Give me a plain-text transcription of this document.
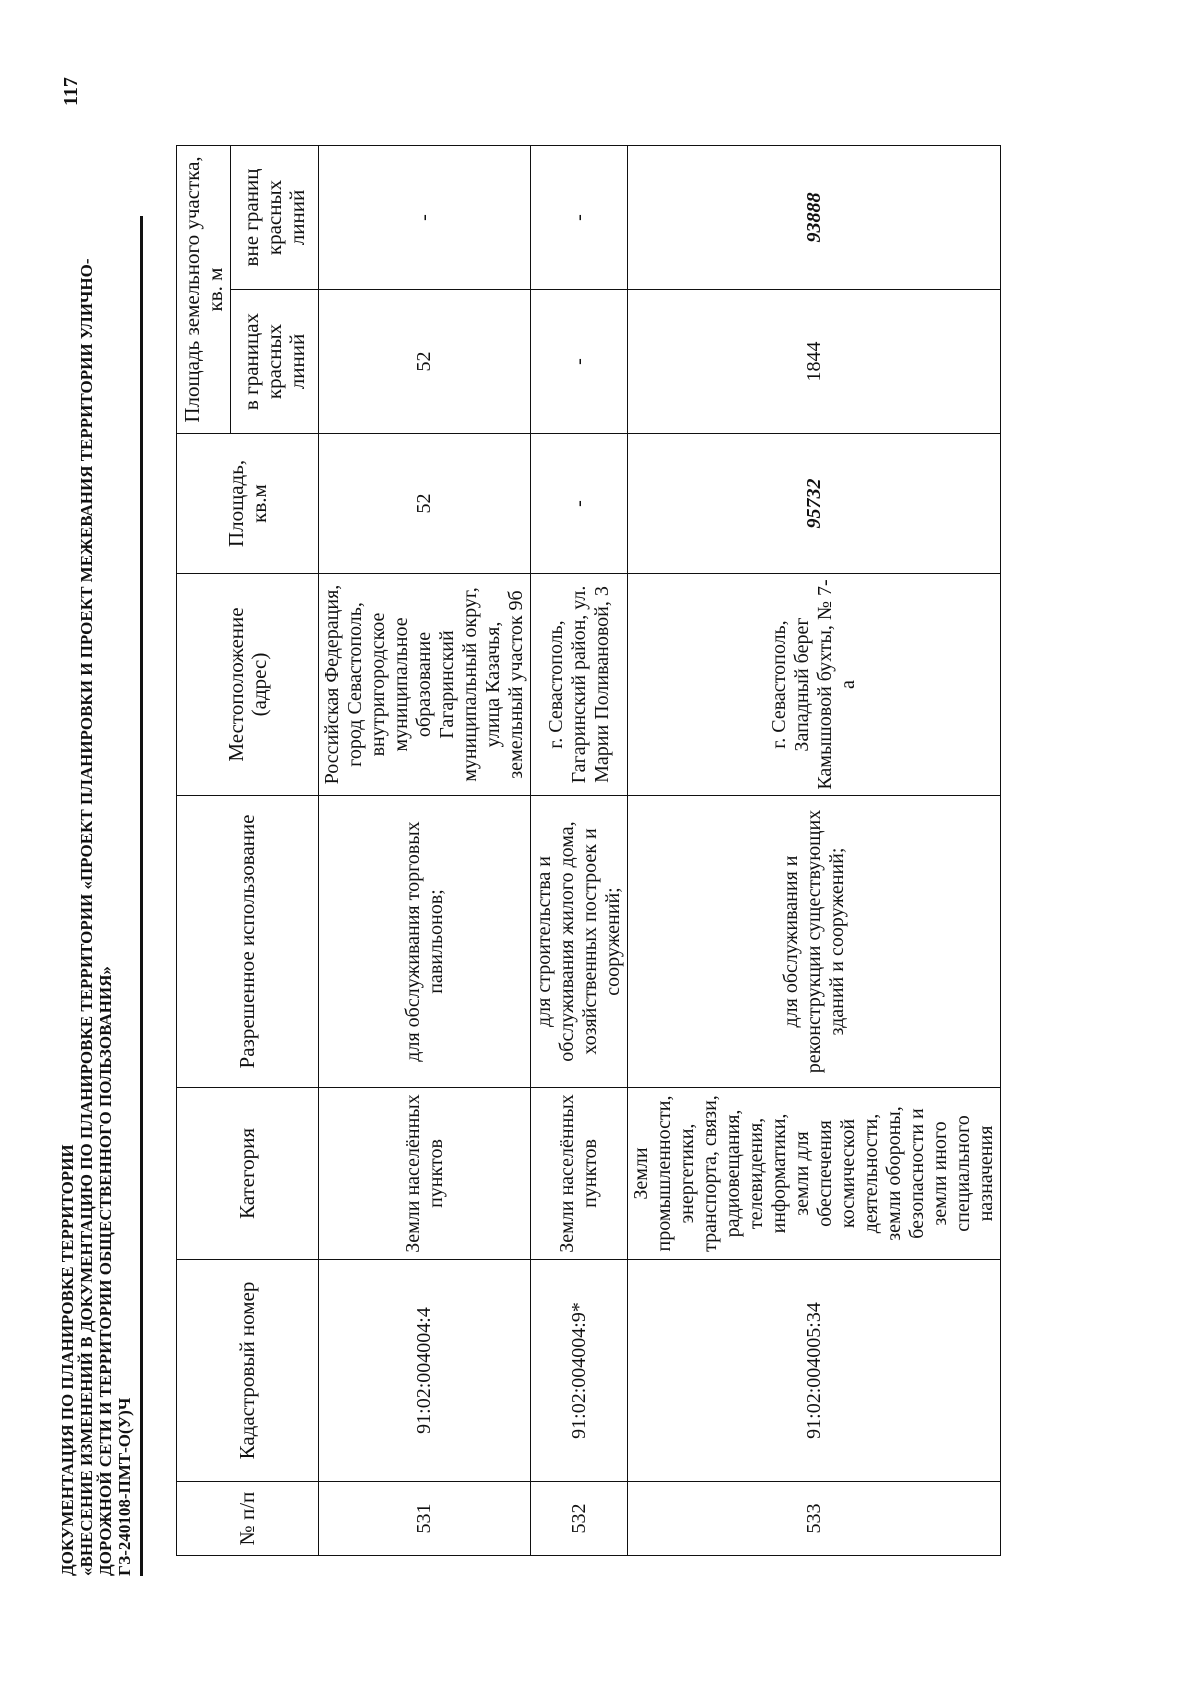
ДОКУМЕНТАЦИЯ ПО ПЛАНИРОВКЕ ТЕРРИТОРИИ «ВНЕСЕНИЕ ИЗМЕНЕНИЙ В ДОКУМЕНТАЦИЮ ПО ПЛАНИРОВКЕ ТЕРРИТОРИИ «ПРОЕКТ ПЛАНИРОВКИ И ПРОЕКТ МЕЖЕВАНИЯ ТЕРРИТОРИИ УЛИЧНО- ДОРОЖНОЙ СЕТИ И ТЕРРИТОРИИ ОБЩЕСТВЕННОГО ПОЛЬЗОВАНИЯ» ГЗ-240108-ПМТ-О(У)Ч
117
№ п/п	Кадастровый номер	Категория	Разрешенное использование	Местоположение (адрес)	Площадь, кв.м	Площадь земельного участка, кв. м	
						в границах красных линий	вне границ красных линий
531	91:02:004004:4	Земли населённых пунктов	для обслуживания торговых павильонов;	Российская Федерация, город Севастополь, внутригородское муниципальное образование Гагаринский муниципальный округ, улица Казачья, земельный участок 9б	52	52	-
532	91:02:004004:9*	Земли населённых пунктов	для строительства и обслуживания жилого дома, хозяйственных построек и сооружений;	г. Севастополь, Гагаринский район, ул. Марии Поливановой, 3	-	-	-
533	91:02:004005:34	Земли промышленности, энергетики, транспорта, связи, радиовещания, телевидения, информатики, земли для обеспечения космической деятельности, земли обороны, безопасности и земли иного специального назначения	для обслуживания и реконструкции существующих зданий и сооружений;	г. Севастополь, Западный берег Камышовой бухты, № 7-а	95732	1844	93888
